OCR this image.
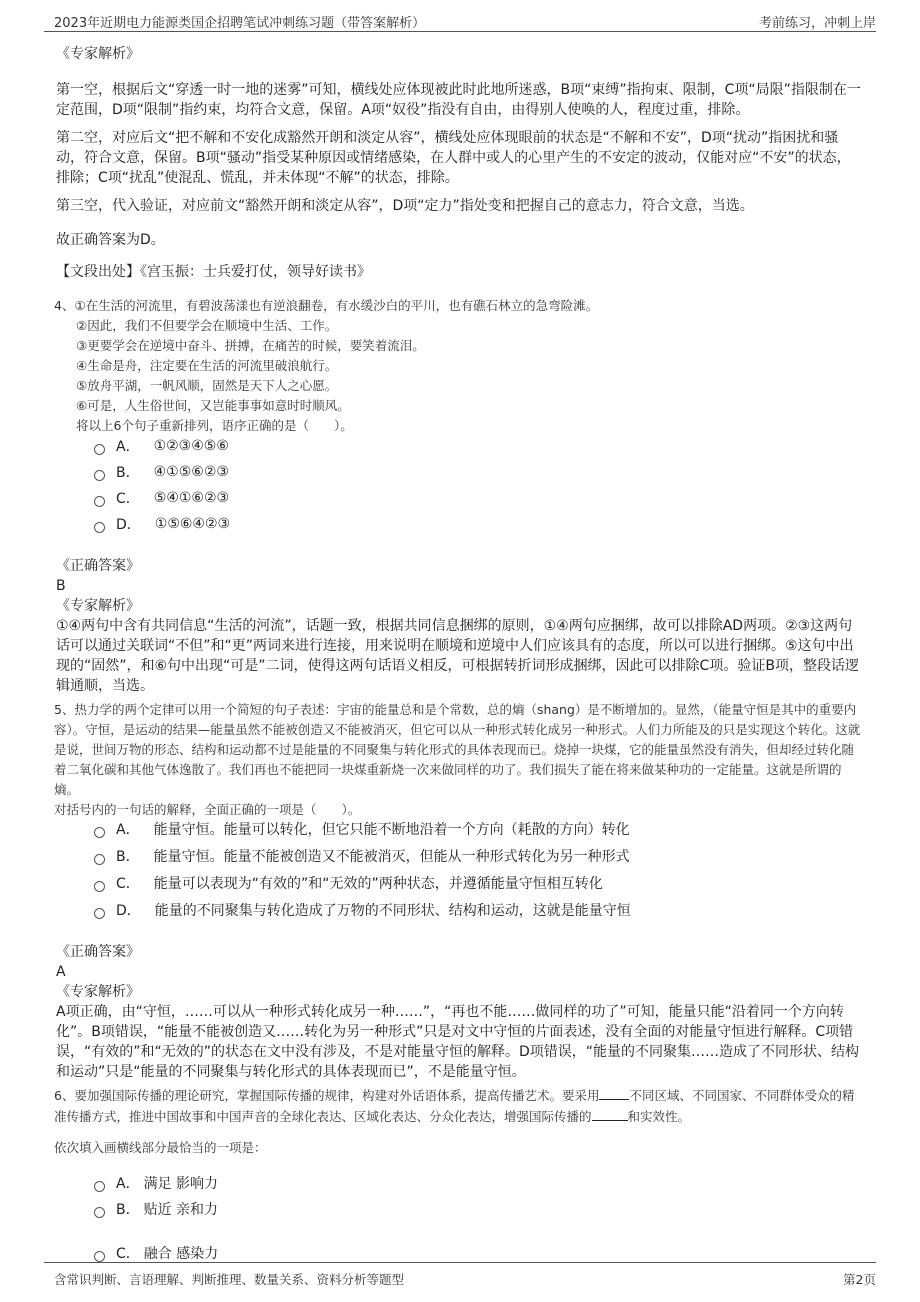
2023年近期电力能源类国企招聘笔试冲刺练习题（带答案解析）	考前练习，冲刺上岸

《专家解析》

第一空，根据后文“穿透一时一地的迷雾”可知，横线处应体现被此时此地所迷惑，B项“束缚”指拘束、限制，C项“局限”指限制在一定范围，D项“限制”指约束，均符合文意，保留。A项“奴役”指没有自由，由得别人使唤的人，程度过重，排除。

第二空，对应后文“把不解和不安化成豁然开朗和淡定从容”，横线处应体现眼前的状态是“不解和不安”，D项“扰动”指困扰和骚动，符合文意，保留。B项“骚动”指受某种原因或情绪感染，在人群中或人的心里产生的不安定的波动，仅能对应“不安”的状态，排除；C项“扰乱”使混乱、慌乱，并未体现“不解”的状态，排除。

第三空，代入验证，对应前文“豁然开朗和淡定从容”，D项“定力”指处变和把握自己的意志力，符合文意，当选。

故正确答案为D。

【文段出处】《宫玉振：士兵爱打仗，领导好读书》

4、①在生活的河流里，有碧波荡漾也有逆浪翻卷，有水缓沙白的平川，也有礁石林立的急弯险滩。

②因此，我们不但要学会在顺境中生活、工作。

③更要学会在逆境中奋斗、拼搏，在痛苦的时候，要笑着流泪。

④生命是舟，注定要在生活的河流里破浪航行。

⑤放舟平湖，一帆风顺，固然是天下人之心愿。

⑥可是，人生俗世间，又岂能事事如意时时顺风。

将以上6个句子重新排列，语序正确的是（　　）。

A． ①②③④⑤⑥
B． ④①⑤⑥②③
C． ⑤④①⑥②③
D． ①⑤⑥④②③

《正确答案》

B

《专家解析》

①④两句中含有共同信息“生活的河流”，话题一致，根据共同信息捆绑的原则，①④两句应捆绑，故可以排除AD两项。②③这两句话可以通过关联词“不但”和“更”两词来进行连接，用来说明在顺境和逆境中人们应该具有的态度，所以可以进行捆绑。⑤这句中出现的“固然”，和⑥句中出现“可是”二词，使得这两句话语义相反，可根据转折词形成捆绑，因此可以排除C项。验证B项，整段话逻辑通顺，当选。

5、热力学的两个定律可以用一个简短的句子表述：宇宙的能量总和是个常数，总的熵（shang）是不断增加的。显然，（能量守恒是其中的重要内容）。守恒，是运动的结果—能量虽然不能被创造又不能被消灭，但它可以从一种形式转化成另一种形式。人们力所能及的只是实现这个转化。这就是说，世间万物的形态、结构和运动都不过是能量的不同聚集与转化形式的具体表现而已。烧掉一块煤，它的能量虽然没有消失，但却经过转化随着二氧化碳和其他气体逸散了。我们再也不能把同一块煤重新烧一次来做同样的功了。我们损失了能在将来做某种功的一定能量。这就是所谓的熵。

对括号内的一句话的解释，全面正确的一项是（　　）。

A． 能量守恒。能量可以转化，但它只能不断地沿着一个方向（耗散的方向）转化
B． 能量守恒。能量不能被创造又不能被消灭，但能从一种形式转化为另一种形式
C． 能量可以表现为“有效的”和“无效的”两种状态，并遵循能量守恒相互转化
D． 能量的不同聚集与转化造成了万物的不同形状、结构和运动，这就是能量守恒

《正确答案》

A

《专家解析》

A项正确，由“守恒，……可以从一种形式转化成另一种……”，“再也不能……做同样的功了”可知，能量只能“沿着同一个方向转化”。B项错误，“能量不能被创造又……转化为另一种形式”只是对文中守恒的片面表述，没有全面的对能量守恒进行解释。C项错误，“有效的”和“无效的”的状态在文中没有涉及，不是对能量守恒的解释。D项错误，“能量的不同聚集……造成了不同形状、结构和运动”只是“能量的不同聚集与转化形式的具体表现而已”，不是能量守恒。

6、要加强国际传播的理论研究，掌握国际传播的规律，构建对外话语体系，提高传播艺术。要采用 不同区域、不同国家、不同群体受众的精准传播方式，推进中国故事和中国声音的全球化表达、区域化表达、分众化表达，增强国际传播的	和实效性。

依次填入画横线部分最恰当的一项是：

A． 满足 影响力
B． 贴近 亲和力
C． 融合 感染力
含常识判断、言语理解、判断推理、数量关系、资料分析等题型	第2页
